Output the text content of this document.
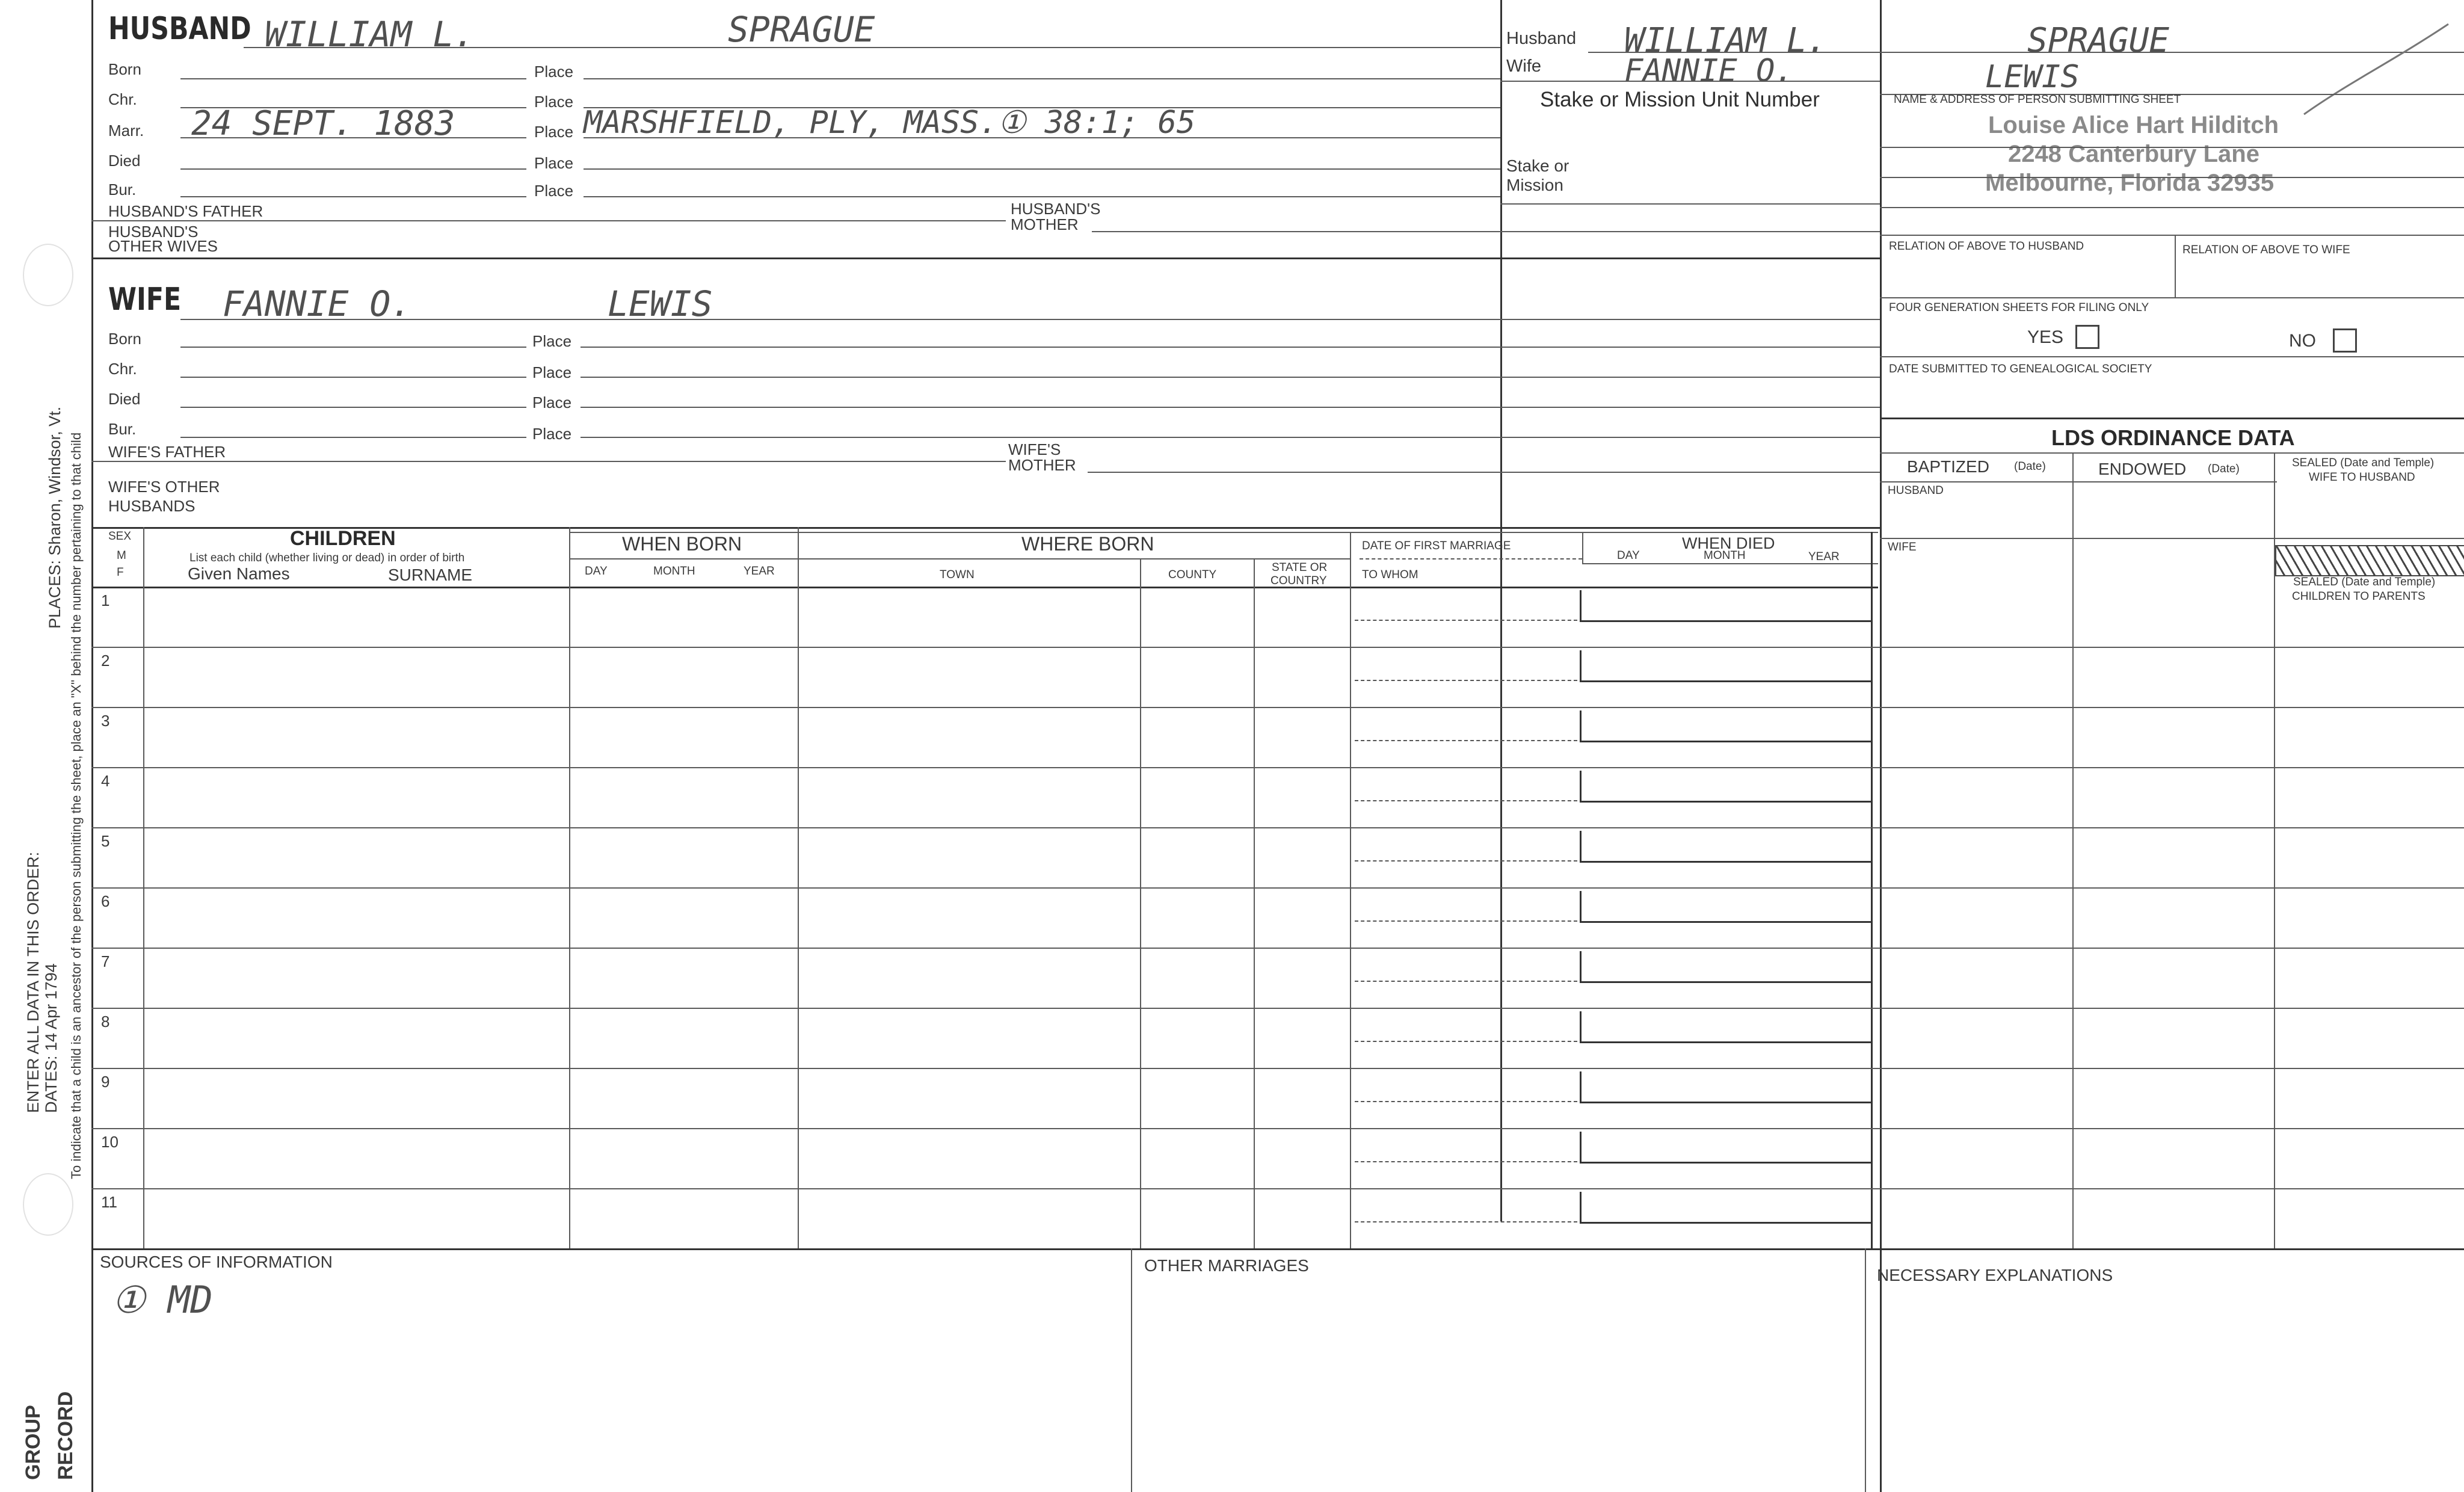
GROUP RECORD
ENTER ALL DATA IN THIS ORDER: DATES: 14 Apr 1794
PLACES: Sharon, Windsor, Vt. To indicate that a child is an ancestor of the person submitting the sheet, place an "X" behind the number pertaining to that child
HUSBAND WILLIAM L.	SPRAGUE
Born	Place
Chr.	Place
Marr. 24 SEPT. 1883	Place MARSHFIELD, PLY, MASS.① 38:1; 65
Died	Place
Bur.	Place
HUSBAND'S FATHER	HUSBAND'S
MOTHER
HUSBAND'S
OTHER WIVES
WIFE FANNIE O.	LEWIS
Born	Place
Chr.	Place
Died	Place
Bur.	Place
WIFE'S FATHER	WIFE'S
MOTHER
WIFE'S OTHER
HUSBANDS
Husband WILLIAM L.	SPRAGUE
Wife	FANNIE O.	LEWIS
Stake or Mission Unit Number
Stake or
Mission
NAME & ADDRESS OF PERSON SUBMITTING SHEET
Louise Alice Hart Hilditch
2248 Canterbury Lane
Melbourne, Florida 32935
RELATION OF ABOVE TO HUSBAND	RELATION OF ABOVE TO WIFE
FOUR GENERATION SHEETS FOR FILING ONLY
YES	NO
DATE SUBMITTED TO GENEALOGICAL SOCIETY
LDS ORDINANCE DATA
BAPTIZED (Date)	ENDOWED (Date)	SEALED (Date and Temple)
WIFE TO HUSBAND
HUSBAND
WIFE
SEALED (Date and Temple)
CHILDREN TO PARENTS
SEX
M
F
CHILDREN
List each child (whether living or dead) in order of birth
Given Names	SURNAME
WHEN BORN
DAY	MONTH	YEAR
WHERE BORN
TOWN	COUNTY
STATE OR
COUNTRY
DATE OF FIRST MARRIAGE
TO WHOM
WHEN DIED
DAY	MONTH	YEAR
1
2
3
4
5
6
7
8
9
10
11
SOURCES OF INFORMATION
① MD
OTHER MARRIAGES
NECESSARY EXPLANATIONS
